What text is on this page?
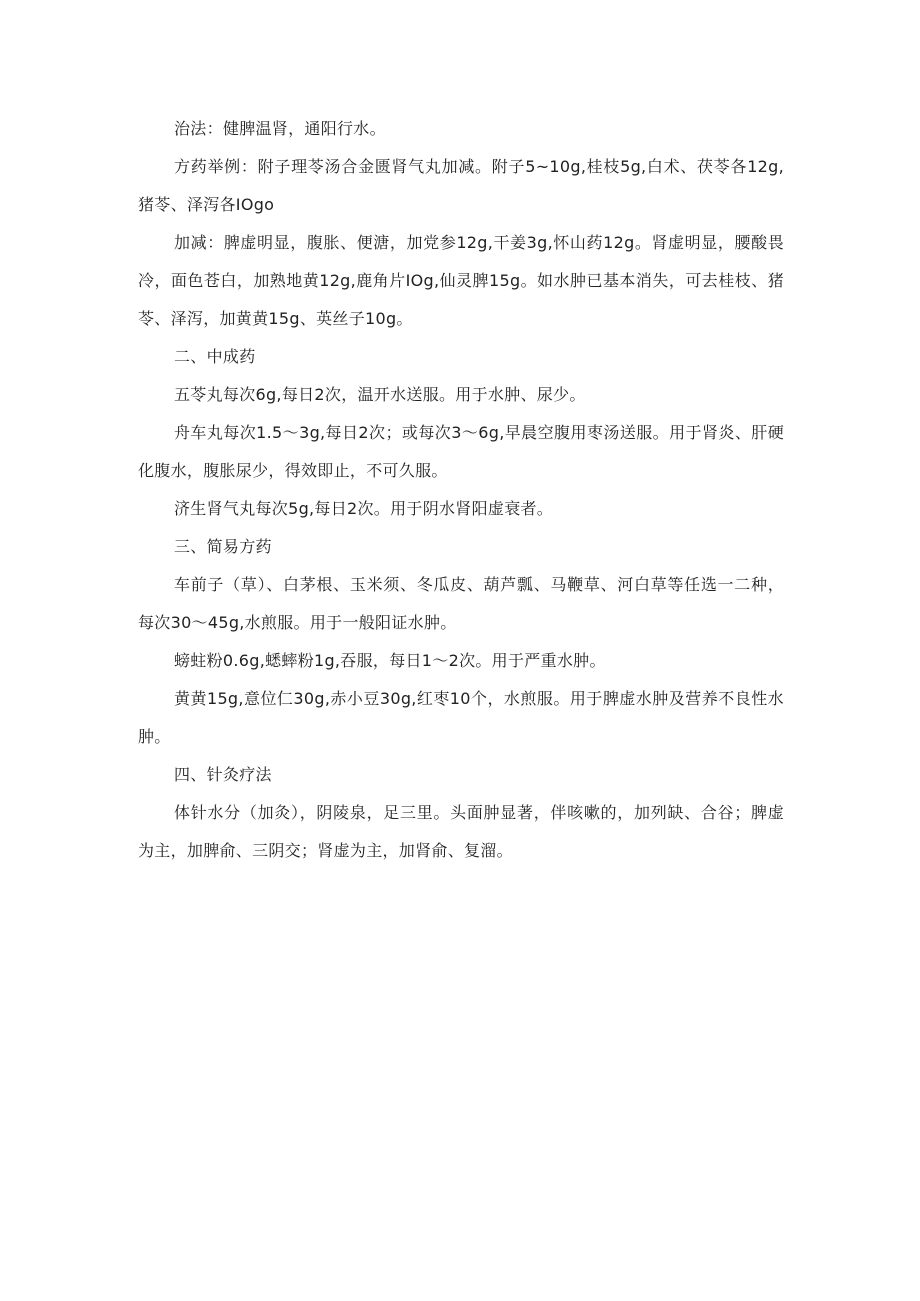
治法：健脾温肾，通阳行水。

方药举例：附子理苓汤合金匮肾气丸加减。附子5~10g,桂枝5g,白术、茯苓各12g,猪苓、泽泻各IOgo

加减：脾虚明显，腹胀、便溏，加党参12g,干姜3g,怀山药12g。肾虚明显，腰酸畏冷，面色苍白，加熟地黄12g,鹿角片IOg,仙灵脾15g。如水肿已基本消失，可去桂枝、猪苓、泽泻，加黄黄15g、英丝子10g。

二、中成药

五苓丸每次6g,每日2次，温开水送服。用于水肿、尿少。

舟车丸每次1.5～3g,每日2次；或每次3～6g,早晨空腹用枣汤送服。用于肾炎、肝硬化腹水，腹胀尿少，得效即止，不可久服。

济生肾气丸每次5g,每日2次。用于阴水肾阳虚衰者。

三、简易方药

车前子（草）、白茅根、玉米须、冬瓜皮、葫芦瓢、马鞭草、河白草等任选一二种，每次30～45g,水煎服。用于一般阳证水肿。

螃蛀粉0.6g,蟋蟀粉1g,吞服，每日1～2次。用于严重水肿。

黄黄15g,意位仁30g,赤小豆30g,红枣10个，水煎服。用于脾虚水肿及营养不良性水肿。

四、针灸疗法

体针水分（加灸），阴陵泉，足三里。头面肿显著，伴咳嗽的，加列缺、合谷；脾虚为主，加脾俞、三阴交；肾虚为主，加肾俞、复溜。
